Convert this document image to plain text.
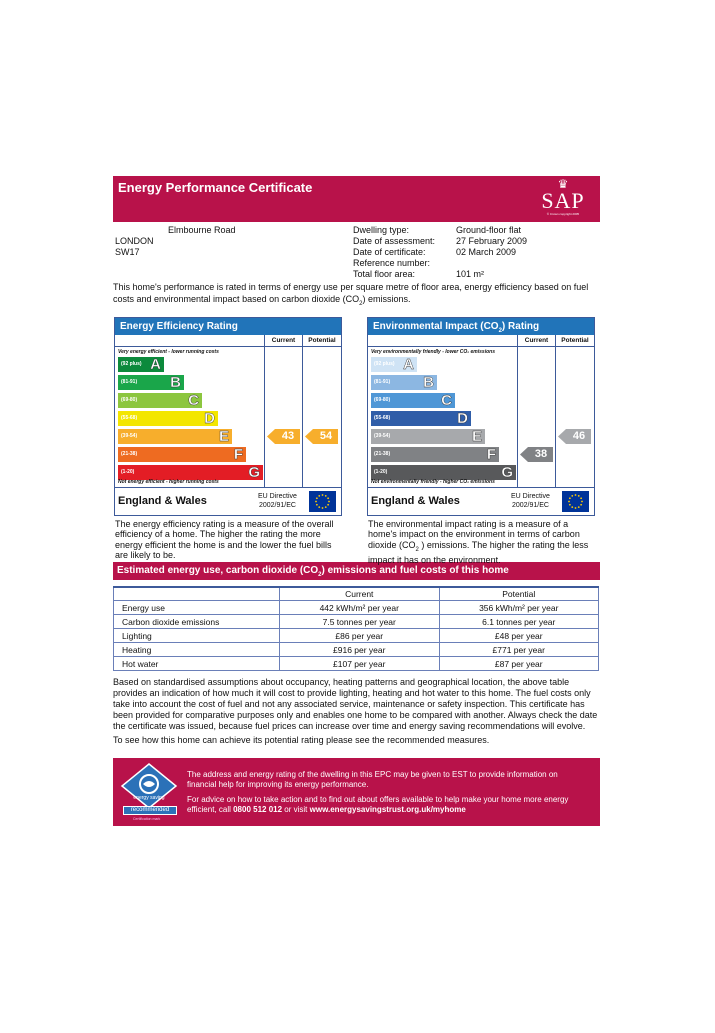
Energy Performance Certificate	♛
SAP
© Crown copyright 2005
Elmbourne Road
LONDON
SW17
Dwelling type:	Ground-floor flat
Date of assessment: 27 February 2009
Date of certificate:	02 March 2009
Reference number:
Total floor area:	101 m²
This home's performance is rated in terms of energy use per square metre of floor area, energy efficiency based on fuel costs and environmental impact based on carbon dioxide $(CO_2)$ emissions.
Energy Efficiency Rating
Current	Potential
Very energy efficient - lower running costs
(92 plus) A
(81-91) B
(69-80)	C
(55-68)	D
(39-54)	E
(21-38)	F
(1-20)	G
43	54
Not energy efficient - higher running costs
England & Wales	EU Directive
2002/91/EC
The energy efficiency rating is a measure of the overall efficiency of a home. The higher the rating the more energy efficient the home is and the lower the fuel bills are likely to be.
Environmental Impact $(CO_2)$ Rating
Current	Potential
Very environmentally friendly - lower CO₂ emissions
(92 plus) A
(81-91) B
(69-80)	C
(55-68)	D
(39-54)	E
(21-38)	F
(1-20)	G
38
46
Not environmentally friendly - higher CO₂ emissions
England & Wales	EU Directive
2002/91/EC
The environmental impact rating is a measure of a home's impact on the environment in terms of carbon dioxide ($CO_2$ ) emissions. The higher the rating the less impact it has on the environment.
Estimated energy use, carbon dioxide $(CO_2)$ emissions and fuel costs of this home
	Current	Potential
Energy use	442 kWh/m² per year	356 kWh/m² per year
Carbon dioxide emissions	7.5 tonnes per year	6.1 tonnes per year
Lighting	£86 per year	£48 per year
Heating	£916 per year	£771 per year
Hot water	£107 per year	£87 per year
Based on standardised assumptions about occupancy, heating patterns and geographical location, the above table provides an indication of how much it will cost to provide lighting, heating and hot water to this home. The fuel costs only take into account the cost of fuel and not any associated service, maintenance or safety inspection. This certificate has been provided for comparative purposes only and enables one home to be compared with another. Always check the date the certificate was issued, because fuel prices can increase over time and energy saving recommendations will evolve.
To see how this home can achieve its potential rating please see the recommended measures.
energy saving
recommended
Certification mark
The address and energy rating of the dwelling in this EPC may be given to EST to provide information on financial help for improving its energy performance.
For advice on how to take action and to find out about offers available to help make your home more energy efficient, call 0800 512 012 or visit www.energysavingstrust.org.uk/myhome
